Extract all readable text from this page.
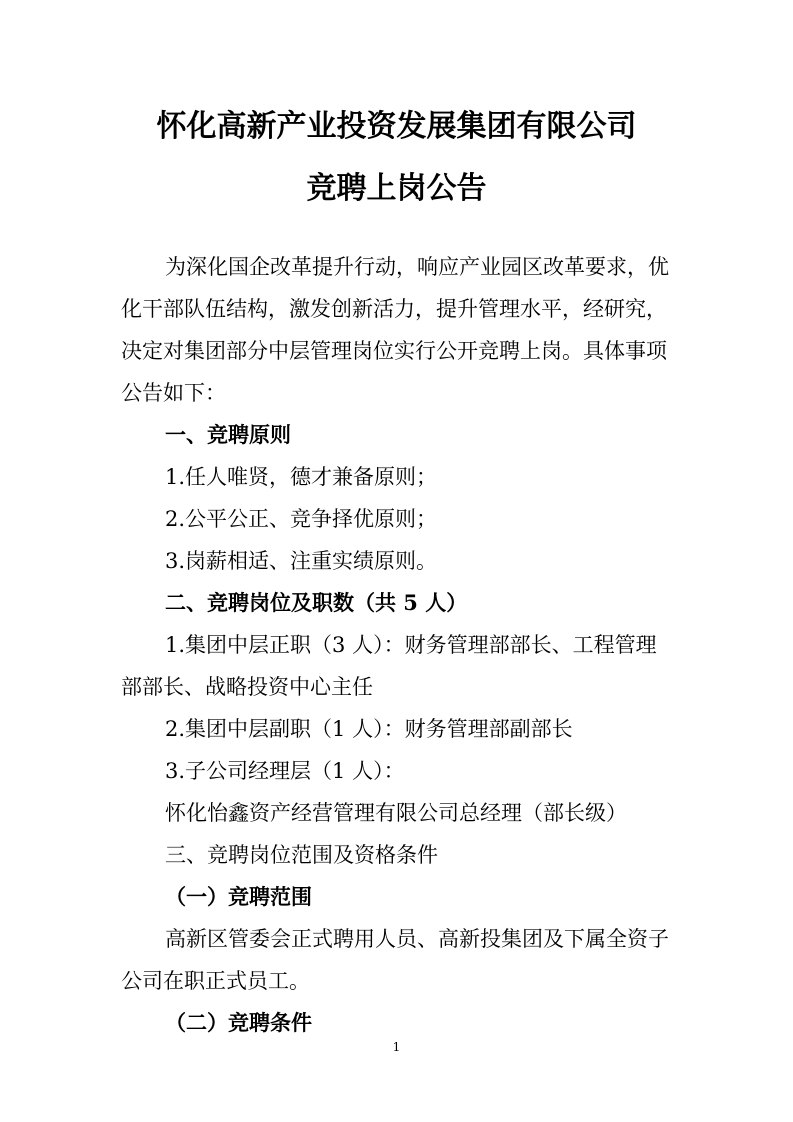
怀化高新产业投资发展集团有限公司
竞聘上岗公告

为深化国企改革提升行动，响应产业园区改革要求，优

化干部队伍结构，激发创新活力，提升管理水平，经研究，

决定对集团部分中层管理岗位实行公开竞聘上岗。具体事项

公告如下：

一、竞聘原则

1.任人唯贤，德才兼备原则；

2.公平公正、竞争择优原则；

3.岗薪相适、注重实绩原则。

二、竞聘岗位及职数（共 5 人）

1.集团中层正职（3 人）：财务管理部部长、工程管理

部部长、战略投资中心主任

2.集团中层副职（1 人）：财务管理部副部长

3.子公司经理层（1 人）：

怀化怡鑫资产经营管理有限公司总经理（部长级）

三、竞聘岗位范围及资格条件

（一）竞聘范围

高新区管委会正式聘用人员、高新投集团及下属全资子

公司在职正式员工。

（二）竞聘条件

1
